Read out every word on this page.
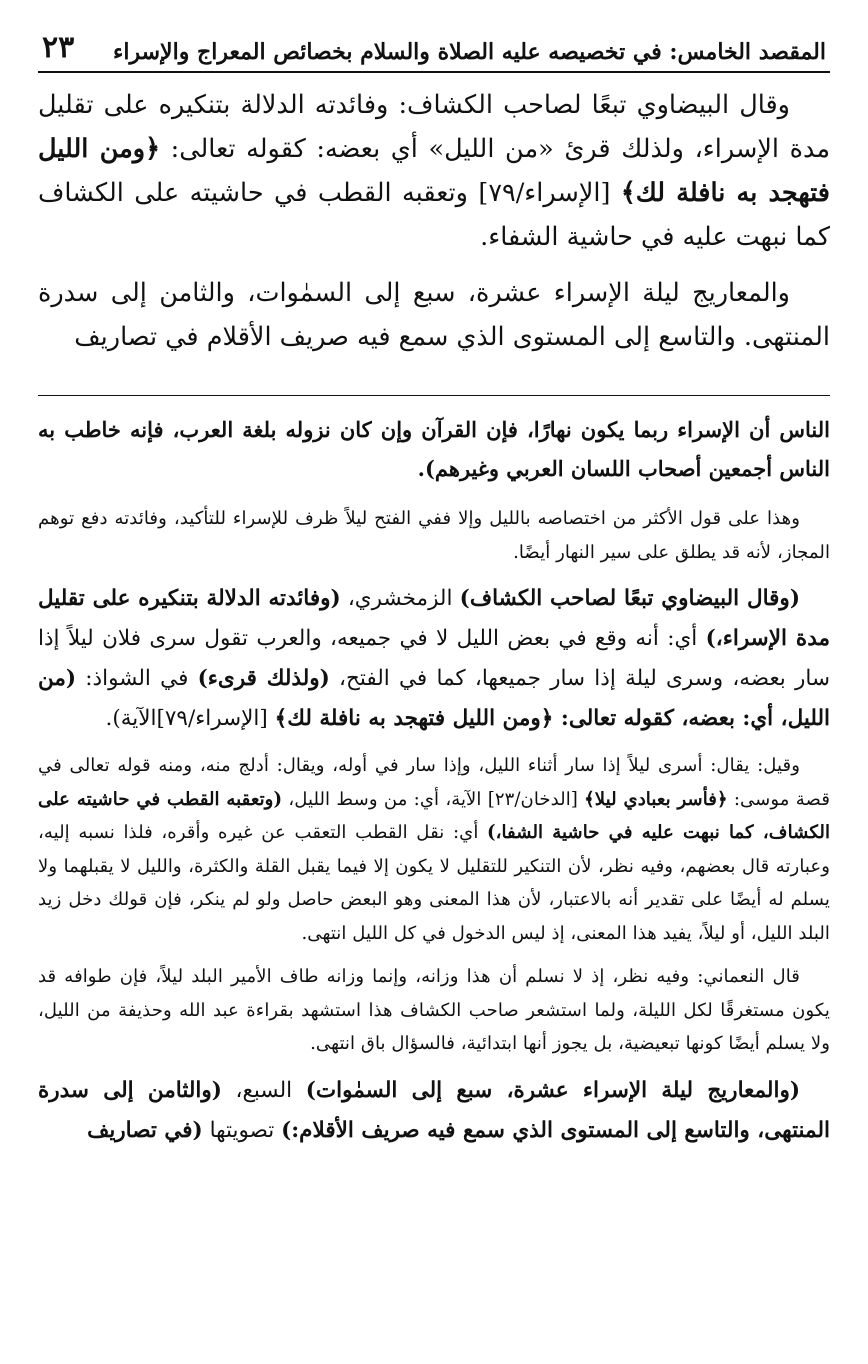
المقصد الخامس: في تخصيصه عليه الصلاة والسلام بخصائص المعراج والإسراء
٢٣

وقال البيضاوي تبعًا لصاحب الكشاف: وفائدته الدلالة بتنكيره على تقليل مدة الإسراء، ولذلك قرئ «من الليل» أي بعضه: كقوله تعالى: ﴿ومن الليل فتهجد به نافلة لك﴾ [الإسراء/٧٩] وتعقبه القطب في حاشيته على الكشاف كما نبهت عليه في حاشية الشفاء.

والمعاريج ليلة الإسراء عشرة، سبع إلى السمٰوات، والثامن إلى سدرة المنتهى. والتاسع إلى المستوى الذي سمع فيه صريف الأقلام في تصاريف

الناس أن الإسراء ربما يكون نهارًا، فإن القرآن وإن كان نزوله بلغة العرب، فإنه خاطب به الناس أجمعين أصحاب اللسان العربي وغيرهم).

وهذا على قول الأكثر من اختصاصه بالليل وإلا ففي الفتح ليلاً ظرف للإسراء للتأكيد، وفائدته دفع توهم المجاز، لأنه قد يطلق على سير النهار أيضًا.

(وقال البيضاوي تبعًا لصاحب الكشاف) الزمخشري، (وفائدته الدلالة بتنكيره على تقليل مدة الإسراء،) أي: أنه وقع في بعض الليل لا في جميعه، والعرب تقول سرى فلان ليلاً إذا سار بعضه، وسرى ليلة إذا سار جميعها، كما في الفتح، (ولذلك قرىء) في الشواذ: (من الليل، أي: بعضه، كقوله تعالى: ﴿ومن الليل فتهجد به نافلة لك﴾ [الإسراء/٧٩]الآية).

وقيل: يقال: أسرى ليلاً إذا سار أثناء الليل، وإذا سار في أوله، ويقال: أدلج منه، ومنه قوله تعالى في قصة موسى: ﴿فأسر بعبادي ليلا﴾ [الدخان/٢٣] الآية، أي: من وسط الليل، (وتعقبه القطب في حاشيته على الكشاف، كما نبهت عليه في حاشية الشفا،) أي: نقل القطب التعقب عن غيره وأقره، فلذا نسبه إليه، وعبارته قال بعضهم، وفيه نظر، لأن التنكير للتقليل لا يكون إلا فيما يقبل القلة والكثرة، والليل لا يقبلهما ولا يسلم له أيضًا على تقدير أنه بالاعتبار، لأن هذا المعنى وهو البعض حاصل ولو لم ينكر، فإن قولك دخل زيد البلد الليل، أو ليلاً، يفيد هذا المعنى، إذ ليس الدخول في كل الليل انتهى.

قال النعماني: وفيه نظر، إذ لا نسلم أن هذا وزانه، وإنما وزانه طاف الأمير البلد ليلاً، فإن طوافه قد يكون مستغرقًا لكل الليلة، ولما استشعر صاحب الكشاف هذا استشهد بقراءة عبد الله وحذيفة من الليل، ولا يسلم أيضًا كونها تبعيضية، بل يجوز أنها ابتدائية، فالسؤال باق انتهى.

(والمعاريج ليلة الإسراء عشرة، سبع إلى السمٰوات) السبع، (والثامن إلى سدرة المنتهى، والتاسع إلى المستوى الذي سمع فيه صريف الأقلام:) تصويتها (في تصاريف
